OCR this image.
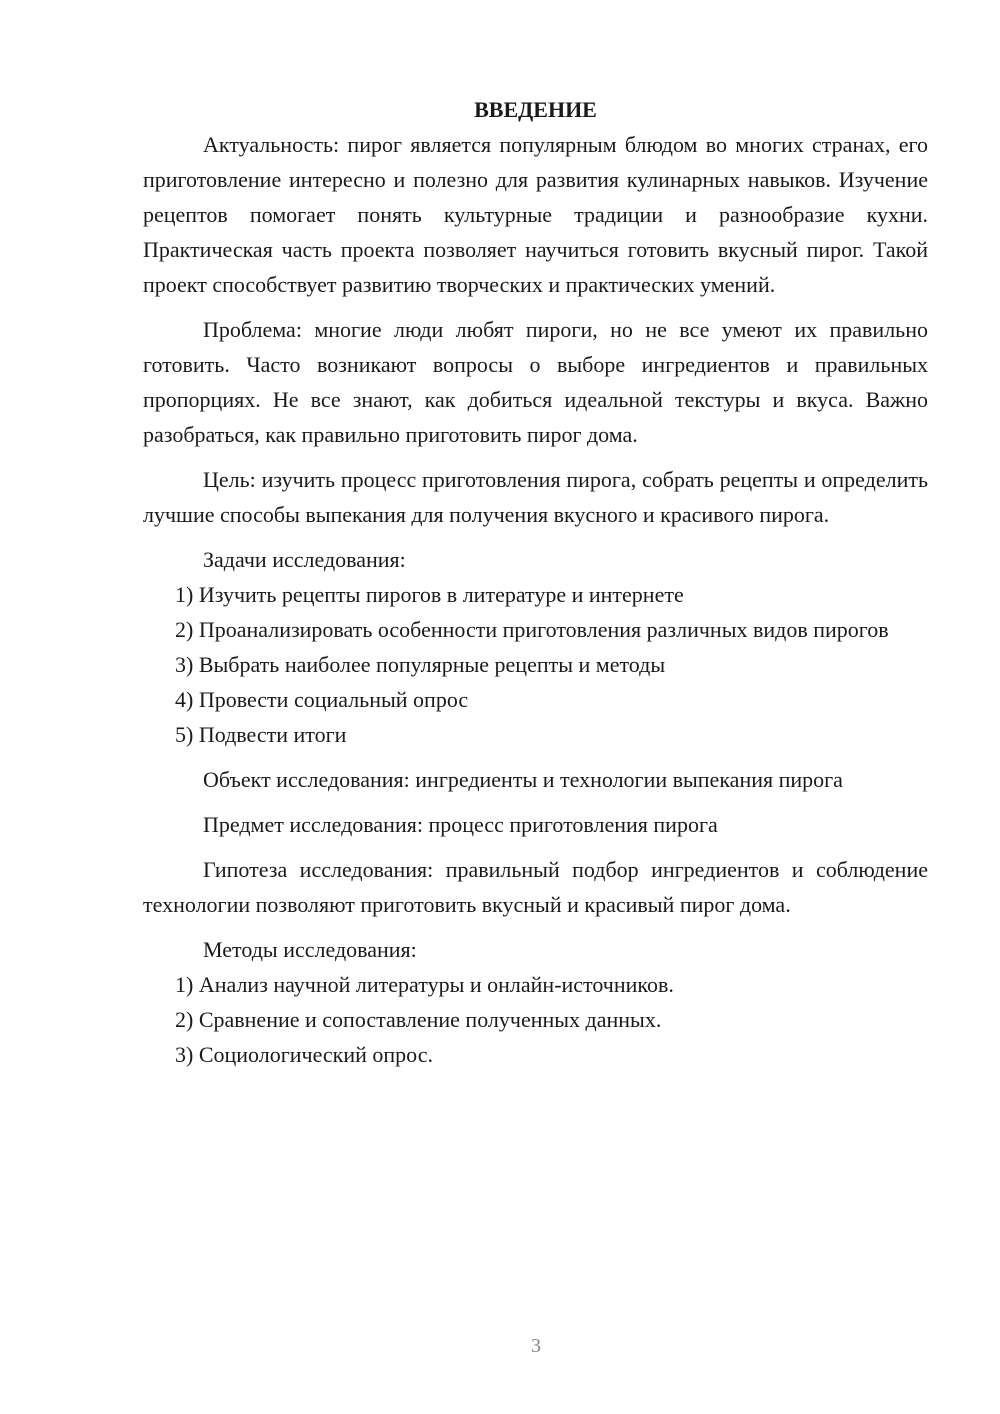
ВВЕДЕНИЕ

Актуальность: пирог является популярным блюдом во многих странах, его приготовление интересно и полезно для развития кулинарных навыков. Изучение рецептов помогает понять культурные традиции и разнообразие кухни. Практическая часть проекта позволяет научиться готовить вкусный пирог. Такой проект способствует развитию творческих и практических умений.

Проблема: многие люди любят пироги, но не все умеют их правильно готовить. Часто возникают вопросы о выборе ингредиентов и правильных пропорциях. Не все знают, как добиться идеальной текстуры и вкуса. Важно разобраться, как правильно приготовить пирог дома.

Цель: изучить процесс приготовления пирога, собрать рецепты и определить лучшие способы выпекания для получения вкусного и красивого пирога.

Задачи исследования:

1) Изучить рецепты пирогов в литературе и интернете

2) Проанализировать особенности приготовления различных видов пирогов

3) Выбрать наиболее популярные рецепты и методы

4) Провести социальный опрос

5) Подвести итоги

Объект исследования: ингредиенты и технологии выпекания пирога

Предмет исследования: процесс приготовления пирога

Гипотеза исследования: правильный подбор ингредиентов и соблюдение технологии позволяют приготовить вкусный и красивый пирог дома.

Методы исследования:

1) Анализ научной литературы и онлайн-источников.

2) Сравнение и сопоставление полученных данных.

3) Социологический опрос.

3
